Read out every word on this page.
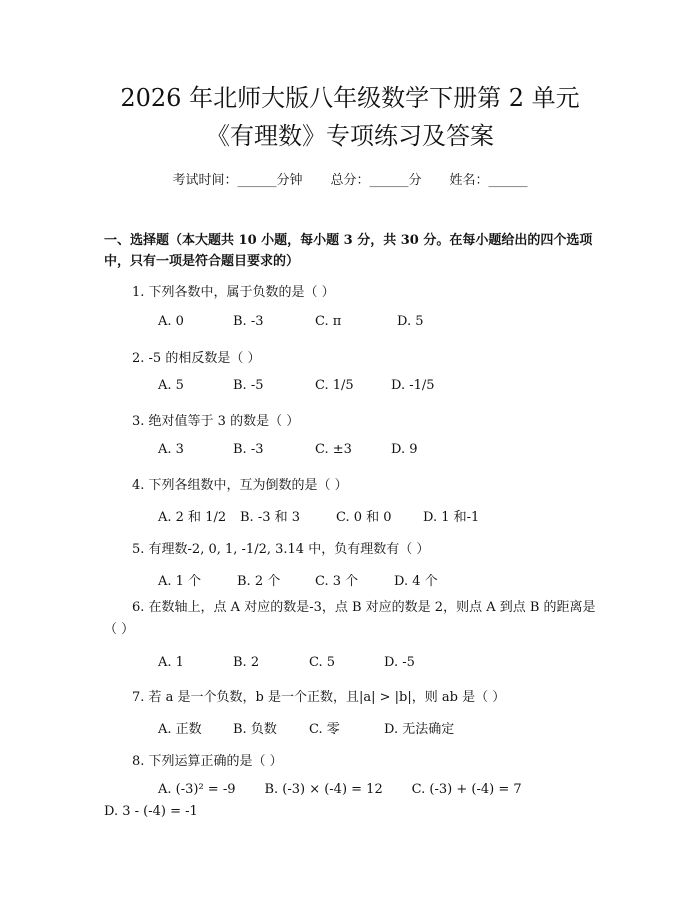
2026 年北师大版八年级数学下册第 2 单元
《有理数》专项练习及答案
考试时间：______分钟 总分：______分 姓名：______
一、选择题（本大题共 10 小题，每小题 3 分，共 30 分。在每小题给出的四个选项中，只有一项是符合题目要求的）
1. 下列各数中，属于负数的是（ ）
A. 0	B. -3	C. π	D. 5
2. -5 的相反数是（ ）
A. 5	B. -5	C. 1/5	D. -1/5
3. 绝对值等于 3 的数是（ ）
A. 3	B. -3	C. ±3	D. 9
4. 下列各组数中，互为倒数的是（ ）
A. 2 和 1/2 B. -3 和 3	C. 0 和 0 D. 1 和-1
5. 有理数-2, 0, 1, -1/2, 3.14 中，负有理数有（ ）
A. 1 个	B. 2 个	C. 3 个	D. 4 个
6. 在数轴上，点 A 对应的数是-3，点 B 对应的数是 2，则点 A 到点 B 的距离是（ ）
A. 1	B. 2	C. 5	D. -5
7. 若 a 是一个负数，b 是一个正数，且|a| > |b|，则 ab 是（ ）
A. 正数 B. 负数 C. 零	D. 无法确定
8. 下列运算正确的是（ ）
A. (-3)² = -9 B. (-3) × (-4) = 12 C. (-3) + (-4) = 7 D. 3 - (-4) = -1
